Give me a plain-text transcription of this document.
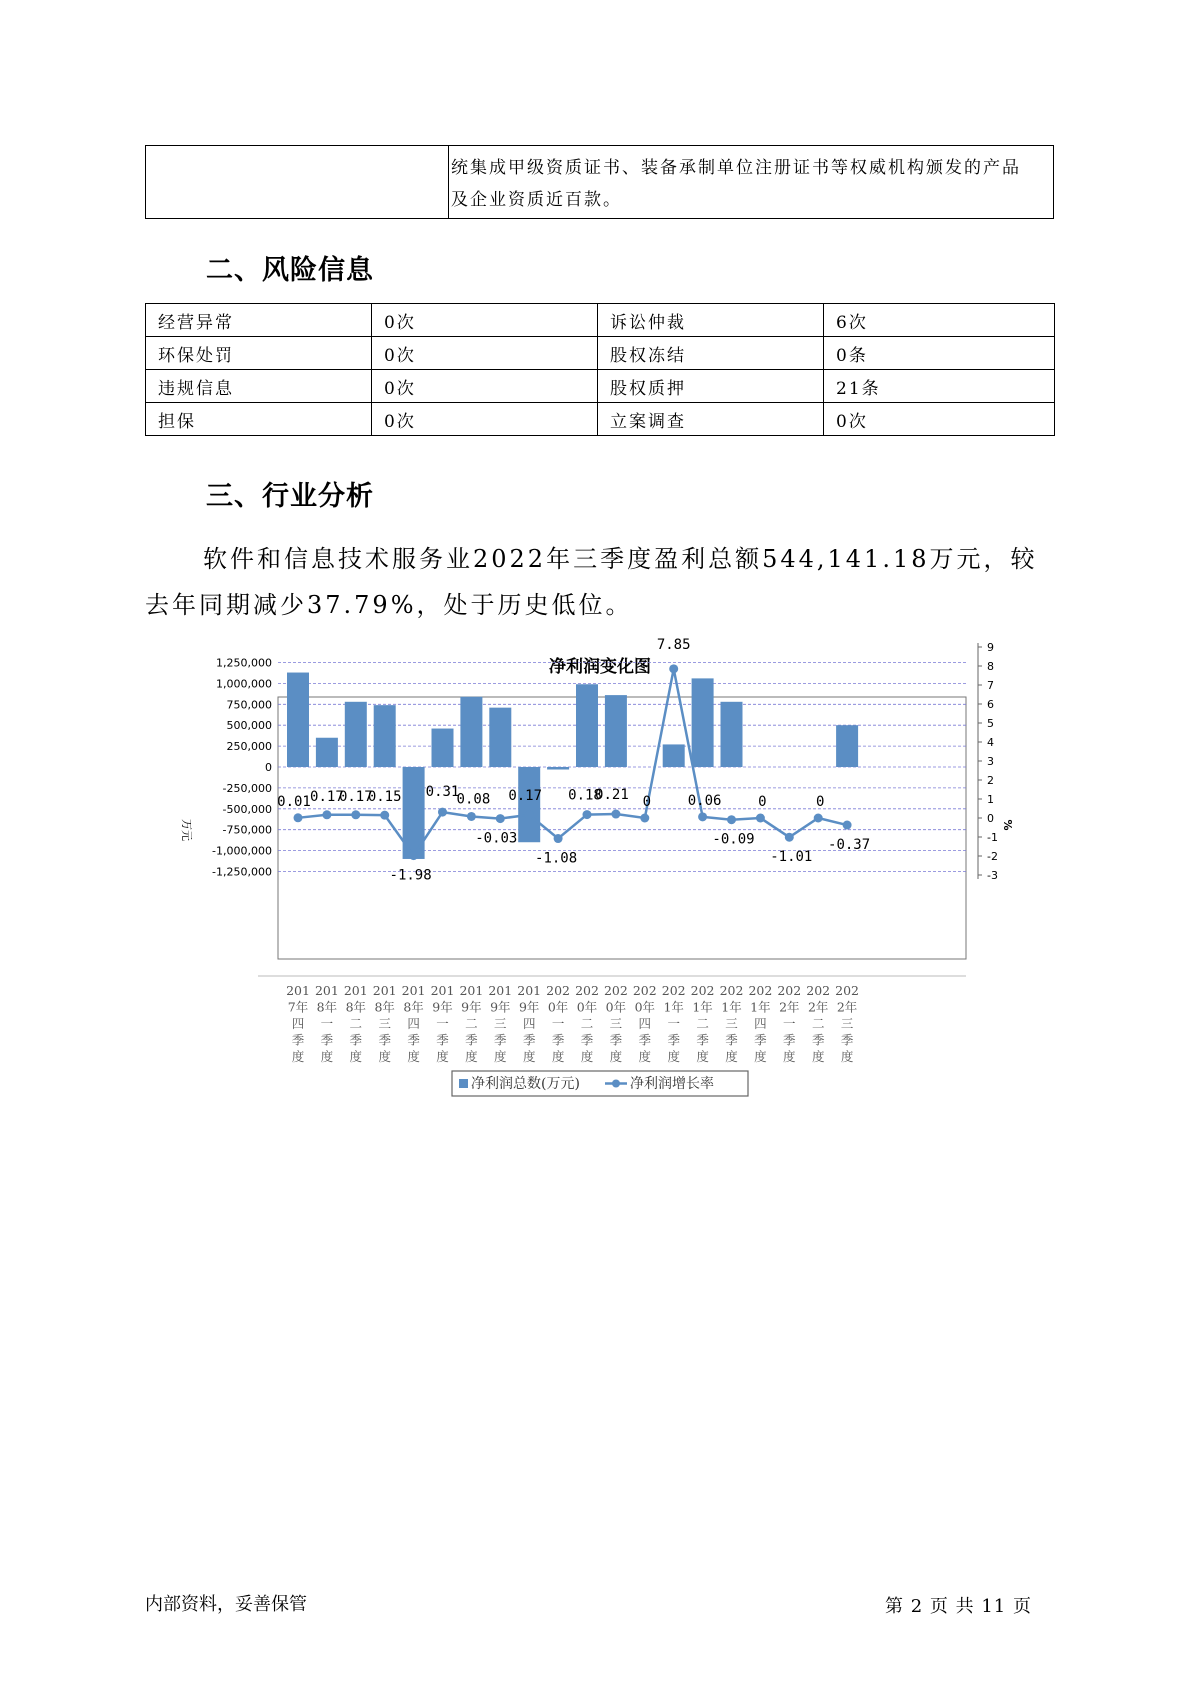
统集成甲级资质证书、装备承制单位注册证书等权威机构颁发的产品
及企业资质近百款。
二、风险信息
经营异常	0次	诉讼仲裁	6次
环保处罚	0次	股权冻结	0条
违规信息	0次	股权质押	21条
担保	0次	立案调查	0次
三、行业分析
软件和信息技术服务业2022年三季度盈利总额544,141.18万元，较去年同期减少37.79%，处于历史低位。
净利润变化图
0.01 0.17
0.17
0.15
-1.98
0.31
0.08
-0.03
0.17
-1.08
0.18
0.21 0
7.85
0.06
-0.09
0
-1.01
0
-0.37
1,250,000
1,000,000
750,000
500,000
250,000
0
-250,000
-500,000
-750,000
-1,000,000
-1,250,000
9
8
7
6
5
4
3
2
1
0
-1
-2
-3
201 7年四季度
201 8年一季度
201 8年二季度
201 8年三季度
201 8年四季度
201 9年一季度
201 9年二季度
201 9年三季度
201 9年四季度
202 0年一季度
202 0年二季度
202 0年三季度
202 0年四季度
202 1年一季度
202 1年二季度
202 1年三季度
202 1年四季度
202 2年一季度
202 2年二季度
202 2年三季度
万元	%
净利润总数(万元)	净利润增长率
内部资料，妥善保管	第 2 页 共 11 页
